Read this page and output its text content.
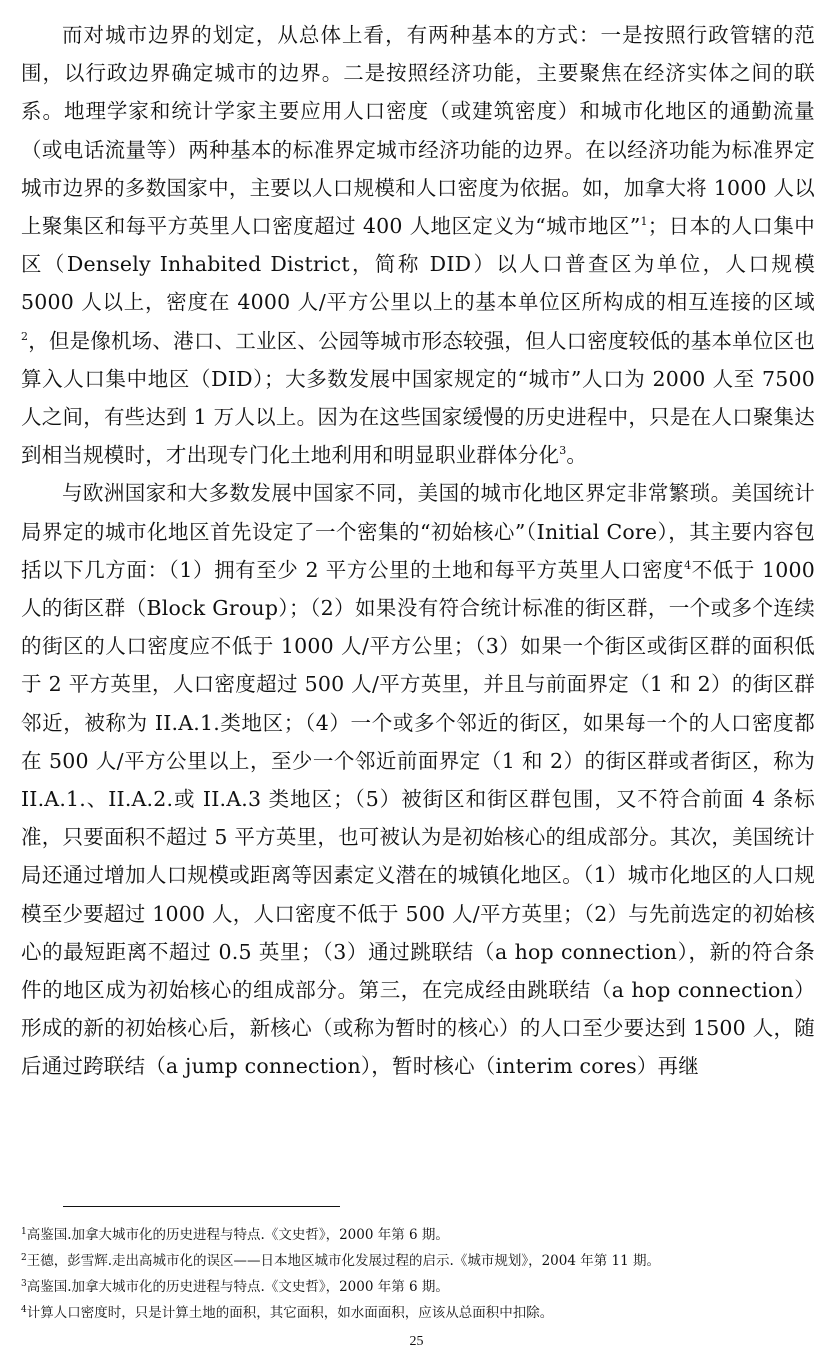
而对城市边界的划定，从总体上看，有两种基本的方式：一是按照行政管辖的范围，以行政边界确定城市的边界。二是按照经济功能，主要聚焦在经济实体之间的联系。地理学家和统计学家主要应用人口密度（或建筑密度）和城市化地区的通勤流量（或电话流量等）两种基本的标准界定城市经济功能的边界。在以经济功能为标准界定城市边界的多数国家中，主要以人口规模和人口密度为依据。如，加拿大将 1000 人以上聚集区和每平方英里人口密度超过 400 人地区定义为“城市地区”$^1$；日本的人口集中区（Densely Inhabited District，简称 DID）以人口普查区为单位，人口规模 5000 人以上，密度在 4000 人/平方公里以上的基本单位区所构成的相互连接的区域$^2$，但是像机场、港口、工业区、公园等城市形态较强，但人口密度较低的基本单位区也算入人口集中地区（DID）；大多数发展中国家规定的“城市”人口为 2000 人至 7500 人之间，有些达到 1 万人以上。因为在这些国家缓慢的历史进程中，只是在人口聚集达到相当规模时，才出现专门化土地利用和明显职业群体分化$^3$。

与欧洲国家和大多数发展中国家不同，美国的城市化地区界定非常繁琐。美国统计局界定的城市化地区首先设定了一个密集的“初始核心”（Initial Core），其主要内容包括以下几方面：（1）拥有至少 2 平方公里的土地和每平方英里人口密度$^4$不低于 1000 人的街区群（Block Group）；（2）如果没有符合统计标准的街区群，一个或多个连续的街区的人口密度应不低于 1000 人/平方公里；（3）如果一个街区或街区群的面积低于 2 平方英里，人口密度超过 500 人/平方英里，并且与前面界定（1 和 2）的街区群邻近，被称为 II.A.1.类地区；（4）一个或多个邻近的街区，如果每一个的人口密度都在 500 人/平方公里以上，至少一个邻近前面界定（1 和 2）的街区群或者街区，称为 II.A.1.、II.A.2.或 II.A.3 类地区；（5）被街区和街区群包围，又不符合前面 4 条标准，只要面积不超过 5 平方英里，也可被认为是初始核心的组成部分。其次，美国统计局还通过增加人口规模或距离等因素定义潜在的城镇化地区。（1）城市化地区的人口规模至少要超过 1000 人，人口密度不低于 500 人/平方英里；（2）与先前选定的初始核心的最短距离不超过 0.5 英里；（3）通过跳联结（a hop connection），新的符合条件的地区成为初始核心的组成部分。第三，在完成经由跳联结（a hop connection）形成的新的初始核心后，新核心（或称为暂时的核心）的人口至少要达到 1500 人，随后通过跨联结（a jump connection），暂时核心（interim cores）再继

$^1$高鉴国.加拿大城市化的历史进程与特点.《文史哲》，2000 年第 6 期。
$^2$王德，彭雪辉.走出高城市化的误区——日本地区城市化发展过程的启示.《城市规划》，2004 年第 11 期。
$^3$高鉴国.加拿大城市化的历史进程与特点.《文史哲》，2000 年第 6 期。
$^4$计算人口密度时，只是计算土地的面积，其它面积，如水面面积，应该从总面积中扣除。
25
